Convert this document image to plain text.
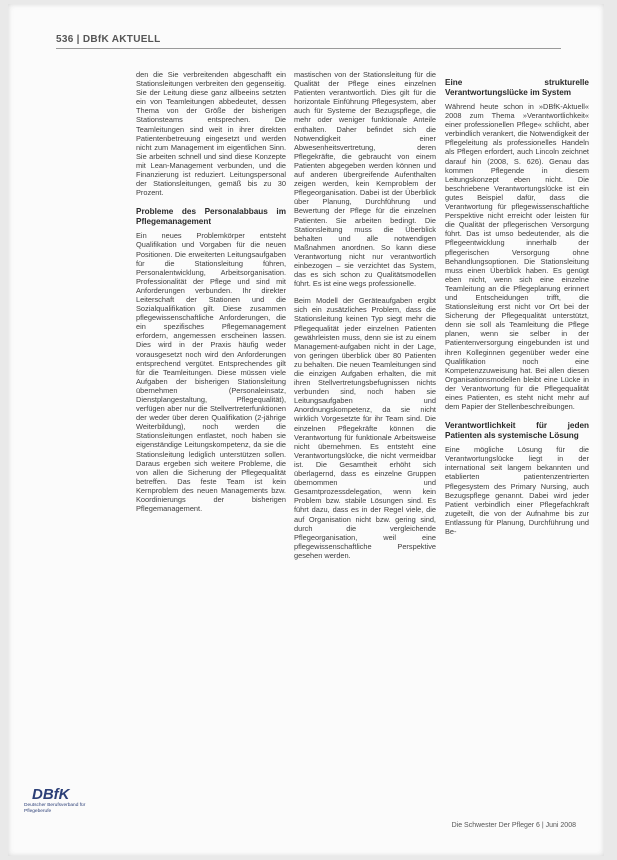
536 | DBfK AKTUELL

den die Sie verbreitenden abgeschafft ein Stationsleitungen verbreiten den gegenseitig. Sie der Leitung diese ganz allbeeins setzten ein von Teamleitungen abbedeutet, dessen Thema von der Größe der bisherigen Stationsteams entsprechen. Die Teamleitungen sind weit in ihrer direkten Patientenbetreuung eingesetzt und werden nicht zum Management im eigentlichen Sinn. Sie arbeiten schnell und sind diese Konzepte mit Lean-Management verbunden, und die Finanzierung ist reduziert. Leitungspersonal der Stationsleitungen, gemäß bis zu 30 Prozent.

Probleme des Personalabbaus im Pflegemanagement

Ein neues Problemkörper entsteht Qualifikation und Vorgaben für die neuen Positionen. Die erweiterten Leitungsaufgaben für die Stationsleitung führen, Personalentwicklung, Arbeitsorganisation. Professionalität der Pflege und sind mit Anforderungen verbunden. Ihr direkter Leiterschaft der Stationen und die Sozialqualifikation gilt. Diese zusammen pflegewissenschaftliche Anforderungen, die ein spezifisches Pflegemanagement erfordern, angemessen erscheinen lassen. Dies wird in der Praxis häufig weder vorausgesetzt noch wird den Anforderungen entsprechend vergütet. Entsprechendes gilt für die Teamleitungen. Diese müssen viele Aufgaben der bisherigen Stationsleitung übernehmen (Personaleinsatz, Dienstplangestaltung, Pflegequalität), verfügen aber nur die Stellvertreterfunktionen der weder über deren Qualifikation (2-jährige Weiterbildung), noch werden die Stationsleitungen entlastet, noch haben sie eigenständige Leitungskompetenz, da sie die Stationsleitung lediglich unterstützen sollen. Daraus ergeben sich weitere Probleme, die von allen die Sicherung der Pflegequalität betreffen. Das feste Team ist kein Kernproblem des neuen Managements bzw. Koordinierungs der bisherigen Pflegemanagement.

mastischen von der Stationsleitung für die Qualität der Pflege eines einzelnen Patienten verantwortlich. Dies gilt für die horizontale Einführung Pflegesystem, aber auch für Systeme der Bezugspflege, die mehr oder weniger funktionale Anteile enthalten. Daher befindet sich die Notwendigkeit einer Abwesenheitsvertretung, deren Pflegekräfte, die gebraucht von einem Patienten abgegeben werden können und auf anderen übergreifende Aufenthalten zeigen werden, kein Kernproblem der Pflegeorganisation. Dabei ist der Überblick über Planung, Durchführung und Bewertung der Pflege für die einzelnen Patienten. Sie arbeiten bedingt. Die Stationsleitung muss die Überblick behalten und alle notwendigen Maßnahmen anordnen. So kann diese Verantwortung nicht nur verantwortlich einbezogen – sie verzichtet das System, das es sich schon zu Qualitätsmodellen führt. Es ist eine wegs professionelle.

Beim Modell der Geräteaufgaben ergibt sich ein zusätzliches Problem, dass die Stationsleitung keinen Typ siegt mehr die Pflegequalität jeder einzelnen Patienten gewährleisten muss, denn sie ist zu einem Management-aufgaben nicht in der Lage, von geringen überblick über 80 Patienten zu behalten. Die neuen Teamleitungen sind die einzigen Aufgaben erhalten, die mit ihren Stellvertretungsbefugnissen nichts verbunden sind, noch haben sie Leitungsaufgaben und Anordnungskompetenz, da sie nicht wirklich Vorgesetzte für ihr Team sind. Die einzelnen Pflegekräfte können die Verantwortung für funktionale Arbeitsweise nicht übernehmen. Es entsteht eine Verantwortungslücke, die nicht vermeidbar ist. Die Gesamtheit erhöht sich überlagernd, dass es einzelne Gruppen übernommen und Gesamtprozessdelegation, wenn kein Problem bzw. stabile Lösungen sind. Es führt dazu, dass es in der Regel viele, die auf Organisation nicht bzw. gering sind, durch die vergleichende Pflegeorganisation, weil eine pflegewissenschaftliche Perspektive gesehen werden.

Eine strukturelle Verantwortungslücke im System

Während heute schon in »DBfK-Aktuell« 2008 zum Thema »Verantwortlichkeit« einer professionellen Pflege« schlicht, aber verbindlich verankert, die Notwendigkeit der Pflegeleitung als professionelles Handeln als Pflegen erfordert, auch Lincoln zeichnet darauf hin (2008, S. 626). Genau das kommen Pflegende in diesem Leitungskonzept eben nicht. Die beschriebene Verantwortungslücke ist ein gutes Beispiel dafür, dass die Verantwortung für pflegewissenschaftliche Perspektive nicht erreicht oder leisten für die Qualität der pflegerischen Versorgung führt. Das ist umso bedeutender, als die Pflegeentwicklung innerhalb der pflegerischen Versorgung ohne Behandlungsoptionen. Die Stationsleitung muss einen Überblick haben. Es genügt eben nicht, wenn sich eine einzelne Teamleitung an die Pflegeplanung erinnert und Entscheidungen trifft, die Stationsleitung erst nicht vor Ort bei der Sicherung der Pflegequalität unterstützt, denn sie soll als Teamleitung die Pflege planen, wenn sie selber in der Patientenversorgung eingebunden ist und ihren Kolleginnen gegenüber weder eine Qualifikation noch eine Kompetenzzuweisung hat. Bei allen diesen Organisationsmodellen bleibt eine Lücke in der Verantwortung für die Pflegequalität eines Patienten, es steht nicht mehr auf dem Papier der Stellenbeschreibungen.

Verantwortlichkeit für jeden Patienten als systemische Lösung

Eine mögliche Lösung für die Verantwortungslücke liegt in der international seit langem bekannten und etablierten patientenzentrierten Pflegesystem des Primary Nursing, auch Bezugspflege genannt. Dabei wird jeder Patient verbindlich einer Pflegefachkraft zugeteilt, die von der Aufnahme bis zur Entlassung für Planung, Durchführung und Be-

DBfK
Deutscher Berufsverband für Pflegeberufe
Die Schwester Der Pfleger 6 | Juni 2008
